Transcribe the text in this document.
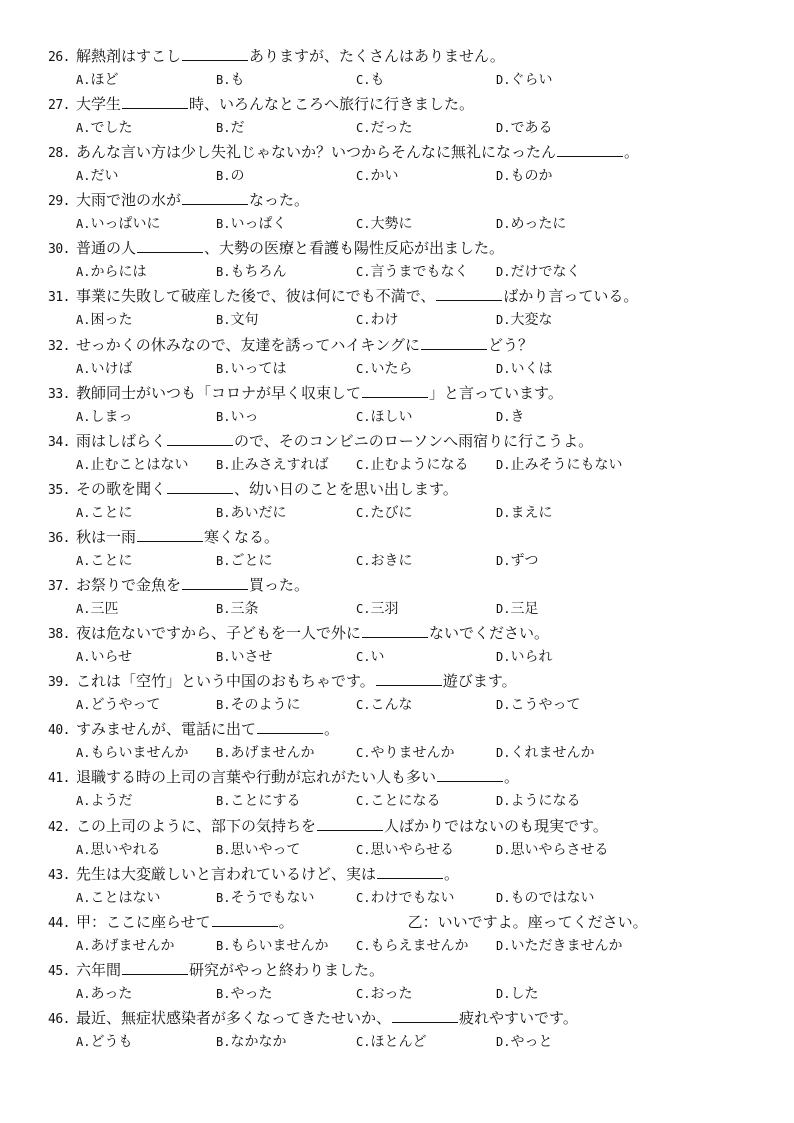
26. 解熱剤はすこし	ありますが、たくさんはありません。
A.ほど	B.も	C.も	D.ぐらい
27. 大学生	時、いろんなところへ旅行に行きました。
A.でした	B.だ	C.だった	D.である
28. あんな言い方は少し失礼じゃないか？いつからそんなに無礼になったん	。
A.だい	B.の	C.かい	D.ものか
29. 大雨で池の水が	なった。
A.いっぱいに	B.いっぱく	C.大勢に	D.めったに
30. 普通の人	、大勢の医療と看護も陽性反応が出ました。
A.からには	B.もちろん	C.言うまでもなく D.だけでなく
31. 事業に失敗して破産した後で、彼は何にでも不満で、	ばかり言っている。
A.困った	B.文句	C.わけ	D.大変な
32. せっかくの休みなので、友達を誘ってハイキングに	どう？
A.いけば	B.いっては	C.いたら	D.いくは
33. 教師同士がいつも「コロナが早く収束して	」と言っています。
A.しまっ	B.いっ	C.ほしい	D.き
34. 雨はしばらく	ので、そのコンビニのローソンへ雨宿りに行こうよ。
A.止むことはない B.止みさえすれば C.止むようになる D.止みそうにもない
35. その歌を聞く	、幼い日のことを思い出します。
A.ことに	B.あいだに	C.たびに	D.まえに
36. 秋は一雨	寒くなる。
A.ことに	B.ごとに	C.おきに	D.ずつ
37. お祭りで金魚を	買った。
A.三匹	B.三条	C.三羽	D.三足
38. 夜は危ないですから、子どもを一人で外に	ないでください。
A.いらせ	B.いさせ	C.い	D.いられ
39. これは「空竹」という中国のおもちゃです。	遊びます。
A.どうやって	B.そのように	C.こんな	D.こうやって
40. すみませんが、電話に出て	。
A.もらいませんか B.あげませんか	C.やりませんか	D.くれませんか
41. 退職する時の上司の言葉や行動が忘れがたい人も多い	。
A.ようだ	B.ことにする	C.ことになる	D.ようになる
42. この上司のように、部下の気持ちを	人ばかりではないのも現実です。
A.思いやれる	B.思いやって	C.思いやらせる	D.思いやらさせる
43. 先生は大変厳しいと言われているけど、実は	。
A.ことはない	B.そうでもない	C.わけでもない	D.ものではない
44. 甲：ここに座らせて	。	乙：いいですよ。座ってください。
A.あげませんか	B.もらいませんか C.もらえませんか D.いただきませんか
45. 六年間	研究がやっと終わりました。
A.あった	B.やった	C.おった	D.した
46. 最近、無症状感染者が多くなってきたせいか、	疲れやすいです。
A.どうも	B.なかなか	C.ほとんど	D.やっと
